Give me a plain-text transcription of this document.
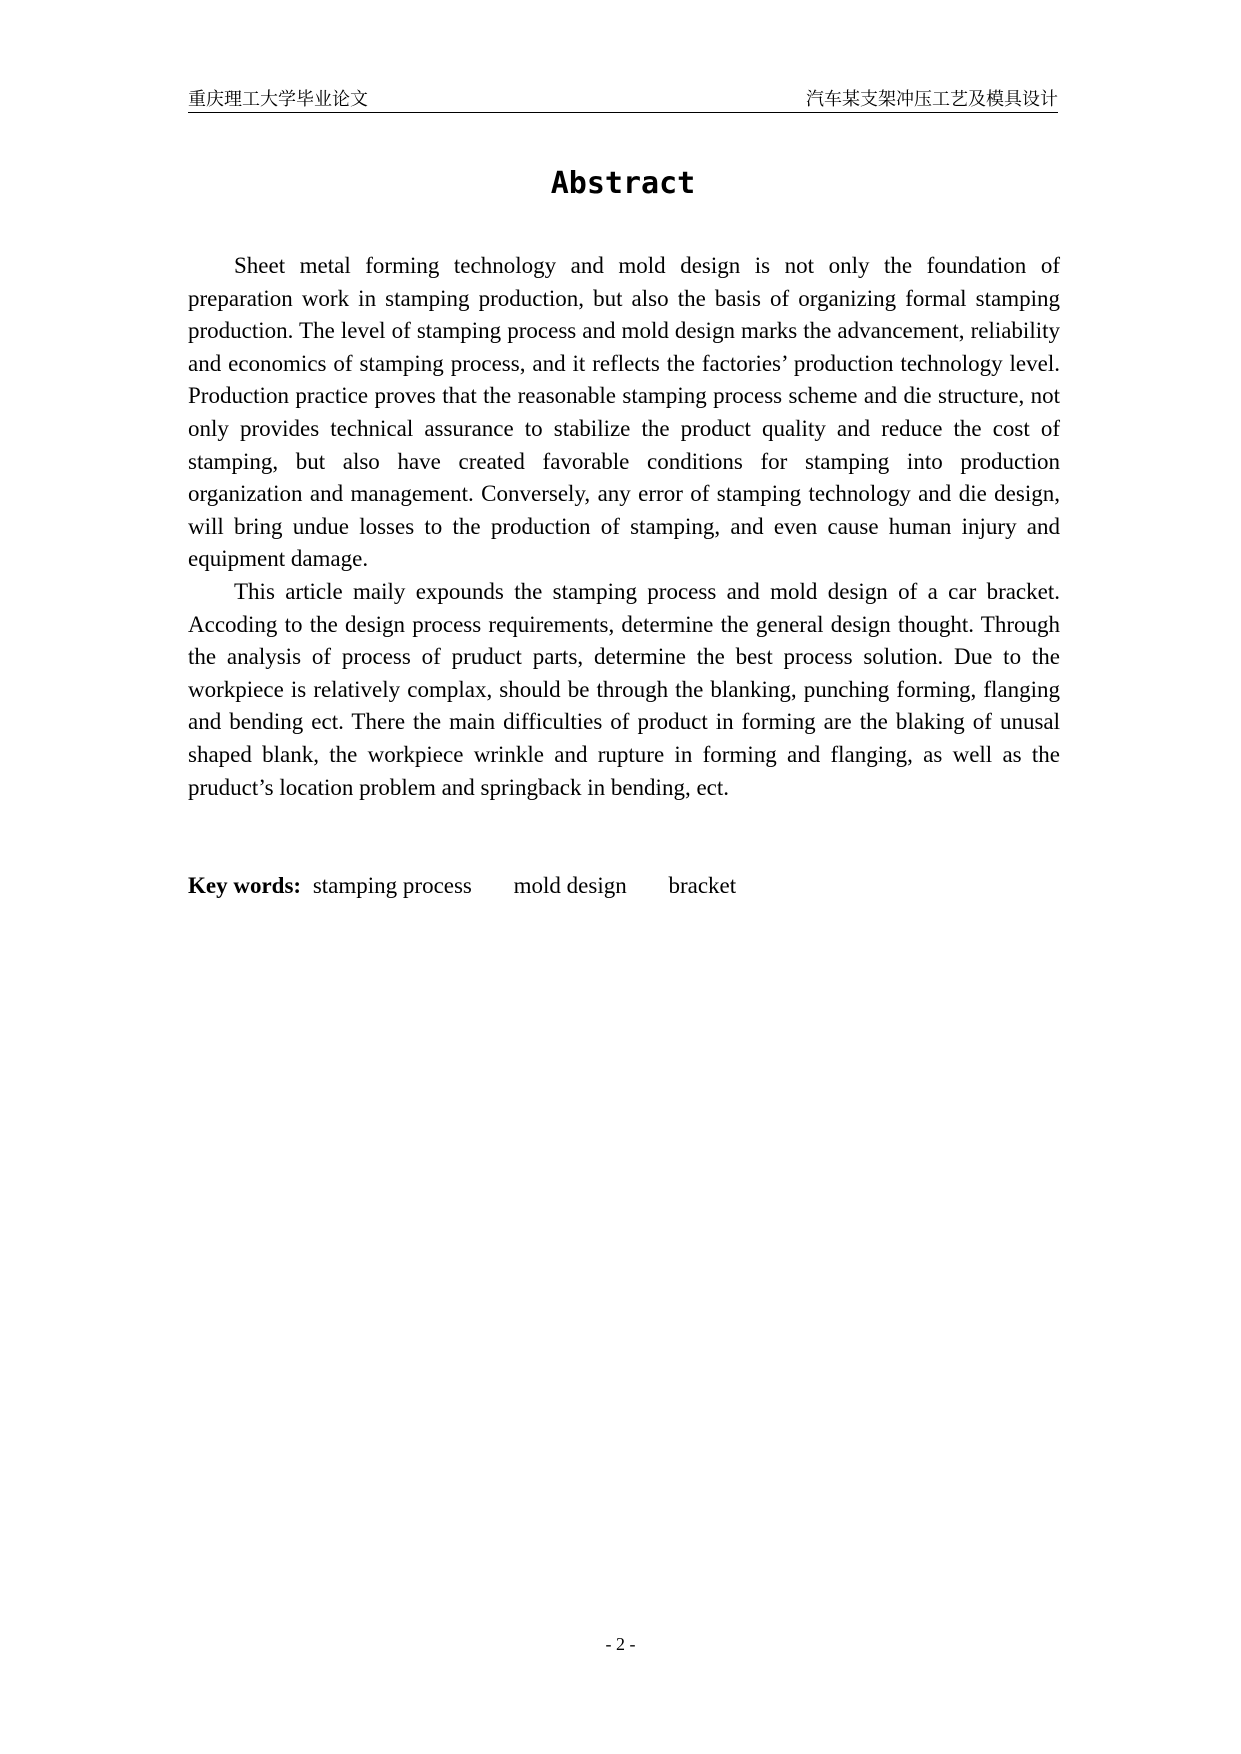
重庆理工大学毕业论文	汽车某支架冲压工艺及模具设计
Abstract

Sheet metal forming technology and mold design is not only the foundation of preparation work in stamping production, but also the basis of organizing formal stamping production. The level of stamping process and mold design marks the advancement, reliability and economics of stamping process, and it reflects the factories’ production technology level. Production practice proves that the reasonable stamping process scheme and die structure, not only provides technical assurance to stabilize the product quality and reduce the cost of stamping, but also have created favorable conditions for stamping into production organization and management. Conversely, any error of stamping technology and die design, will bring undue losses to the production of stamping, and even cause human injury and equipment damage.

This article maily expounds the stamping process and mold design of a car bracket. Accoding to the design process requirements, determine the general design thought. Through the analysis of process of pruduct parts, determine the best process solution. Due to the workpiece is relatively complax, should be through the blanking, punching forming, flanging and bending ect. There the main difficulties of product in forming are the blaking of unusal shaped blank, the workpiece wrinkle and rupture in forming and flanging, as well as the pruduct’s location problem and springback in bending, ect.

Key words: stamping process mold design bracket
- 2 -
